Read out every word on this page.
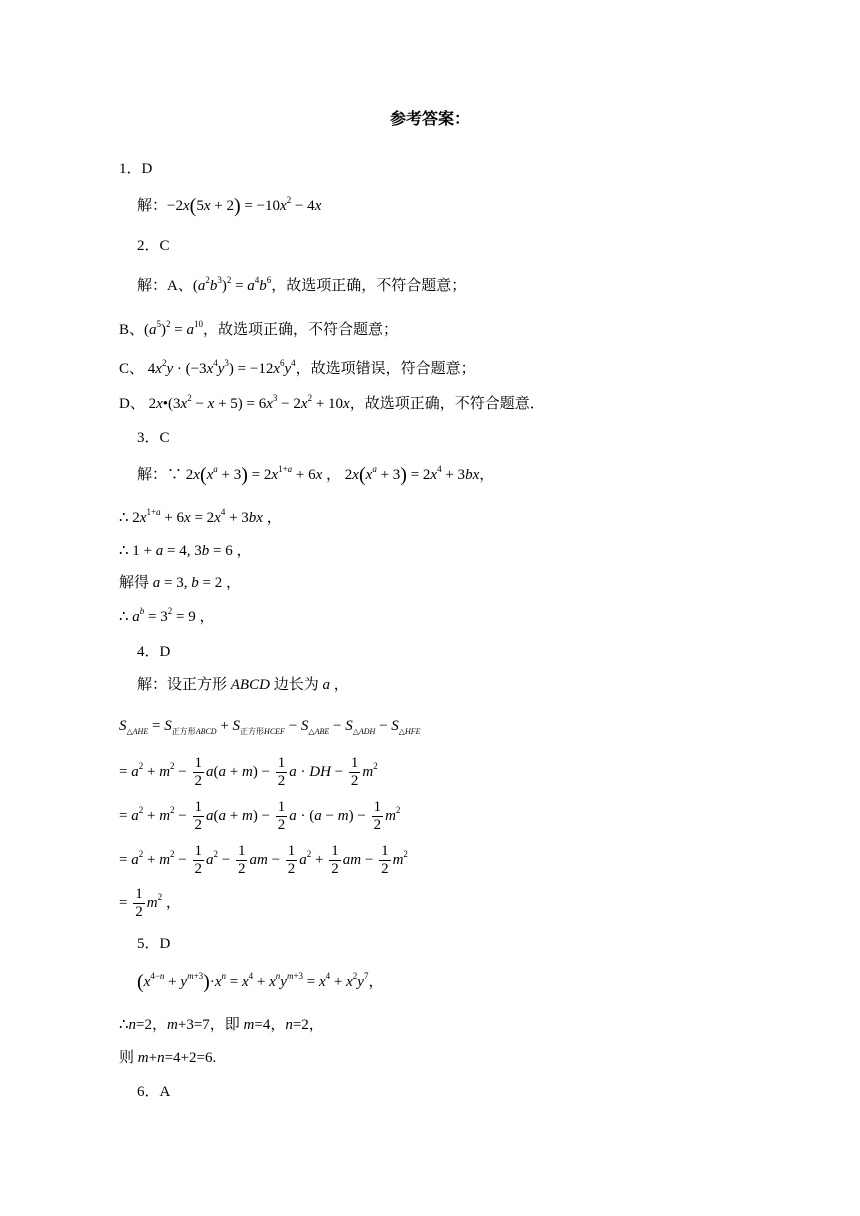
参考答案：
1．D
解：$-2x(5x + 2) = -10x^2 - 4x$
2．C
解：A、$(a^2b^3)^2 = a^4b^6$，故选项正确，不符合题意；
B、$(a^5)^2 = a^{10}$，故选项正确，不符合题意；
C、 $4x^2y \cdot (-3x^4y^3) = -12x^6y^4$，故选项错误，符合题意；
D、 $2x•(3x^2 - x + 5) = 6x^3 - 2x^2 + 10x$，故选项正确，不符合题意．
3．C
解：∵ $2x(x^a + 3) = 2x^{1+a} + 6x$ ， $2x(x^a + 3) = 2x^4 + 3bx$，
∴ $2x^{1+a} + 6x = 2x^4 + 3bx$ ，
∴ 1 + a = 4, 3b = 6 ，
解得 a = 3, b = 2 ，
∴ $a^b = 3^2 = 9$ ，
4．D
解：设正方形 ABCD 边长为 a ，
$S_{\triangle AHE} = S_{正方形ABCD} + S_{正方形HCEF} - S_{\triangle ABE} - S_{\triangle ADH} - S_{\triangle HFE}$
= $a^2 + m^2 - \frac{1}{2} a(a + m) - \frac{1}{2}$ a · DH − $\frac{1}{2} m^2$
= $a^2 + m^2 - \frac{1}{2} a(a + m) - \frac{1}{2}$ $a \cdot (a - m) - \frac{1}{2} m^2$
= $a^2 + m^2 - \frac{1}{2} a^2 - \frac{1}{2}$ am − $\frac{1}{2} a^2 + \frac{1}{2}$ am − $\frac{1}{2} m^2$
= $\frac{1}{2} m^2$ ，
5．D
$(x^{4-n} + y^{m+3})\cdot x^n = x^4 + x^ny^{m+3} = x^4 + x^2y^7$，
∴n=2，m+3=7，即 m=4，n=2，
则 m+n=4+2=6.
6．A
